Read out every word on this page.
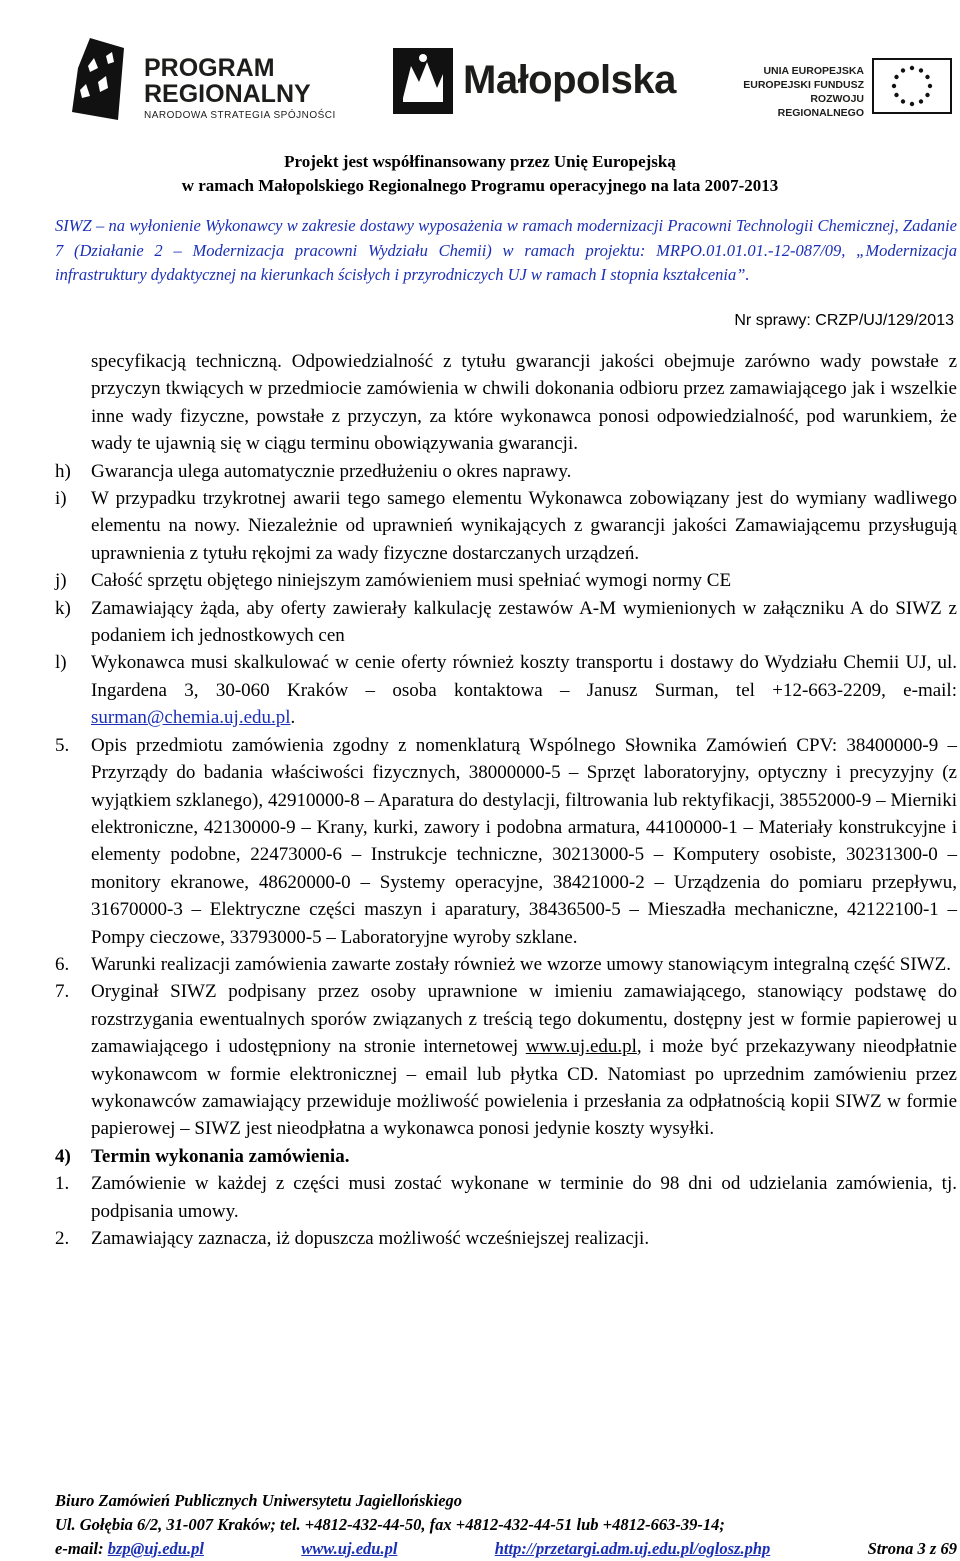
PROGRAM
REGIONALNY
NARODOWA STRATEGIA SPÓJNOŚCI
Małopolska	UNIA EUROPEJSKA
EUROPEJSKI FUNDUSZ
ROZWOJU REGIONALNEGO
Projekt jest współfinansowany przez Unię Europejską
w ramach Małopolskiego Regionalnego Programu operacyjnego na lata 2007-2013
SIWZ – na wyłonienie Wykonawcy w zakresie dostawy wyposażenia w ramach modernizacji Pracowni Technologii Chemicznej, Zadanie 7 (Działanie 2 – Modernizacja pracowni Wydziału Chemii) w ramach projektu: MRPO.01.01.01.-12-087/09, „Modernizacja infrastruktury dydaktycznej na kierunkach ścisłych i przyrodniczych UJ w ramach I stopnia kształcenia”.
Nr sprawy: CRZP/UJ/129/2013

specyfikacją techniczną. Odpowiedzialność z tytułu gwarancji jakości obejmuje zarówno wady powstałe z przyczyn tkwiących w przedmiocie zamówienia w chwili dokonania odbioru przez zamawiającego jak i wszelkie inne wady fizyczne, powstałe z przyczyn, za które wykonawca ponosi odpowiedzialność, pod warunkiem, że wady te ujawnią się w ciągu terminu obowiązywania gwarancji.

h) Gwarancja ulega automatycznie przedłużeniu o okres naprawy.
i) W przypadku trzykrotnej awarii tego samego elementu Wykonawca zobowiązany jest do wymiany wadliwego elementu na nowy. Niezależnie od uprawnień wynikających z gwarancji jakości Zamawiającemu przysługują uprawnienia z tytułu rękojmi za wady fizyczne dostarczanych urządzeń.
j) Całość sprzętu objętego niniejszym zamówieniem musi spełniać wymogi normy CE
k) Zamawiający żąda, aby oferty zawierały kalkulację zestawów A-M wymienionych w załączniku A do SIWZ z podaniem ich jednostkowych cen
l) Wykonawca musi skalkulować w cenie oferty również koszty transportu i dostawy do Wydziału Chemii UJ, ul. Ingardena 3, 30-060 Kraków – osoba kontaktowa – Janusz Surman, tel +12-663-2209, e-mail: surman@chemia.uj.edu.pl.
5. Opis przedmiotu zamówienia zgodny z nomenklaturą Wspólnego Słownika Zamówień CPV: 38400000-9 – Przyrządy do badania właściwości fizycznych, 38000000-5 – Sprzęt laboratoryjny, optyczny i precyzyjny (z wyjątkiem szklanego), 42910000-8 – Aparatura do destylacji, filtrowania lub rektyfikacji, 38552000-9 – Mierniki elektroniczne, 42130000-9 – Krany, kurki, zawory i podobna armatura, 44100000-1 – Materiały konstrukcyjne i elementy podobne, 22473000-6 – Instrukcje techniczne, 30213000-5 – Komputery osobiste, 30231300-0 – monitory ekranowe, 48620000-0 – Systemy operacyjne, 38421000-2 – Urządzenia do pomiaru przepływu, 31670000-3 – Elektryczne części maszyn i aparatury, 38436500-5 – Mieszadła mechaniczne, 42122100-1 – Pompy cieczowe, 33793000-5 – Laboratoryjne wyroby szklane.
6. Warunki realizacji zamówienia zawarte zostały również we wzorze umowy stanowiącym integralną część SIWZ.
7. Oryginał SIWZ podpisany przez osoby uprawnione w imieniu zamawiającego, stanowiący podstawę do rozstrzygania ewentualnych sporów związanych z treścią tego dokumentu, dostępny jest w formie papierowej u zamawiającego i udostępniony na stronie internetowej www.uj.edu.pl, i może być przekazywany nieodpłatnie wykonawcom w formie elektronicznej – email lub płytka CD. Natomiast po uprzednim zamówieniu przez wykonawców zamawiający przewiduje możliwość powielenia i przesłania za odpłatnością kopii SIWZ w formie papierowej – SIWZ jest nieodpłatna a wykonawca ponosi jedynie koszty wysyłki.
4) Termin wykonania zamówienia.
1. Zamówienie w każdej z części musi zostać wykonane w terminie do 98 dni od udzielania zamówienia, tj. podpisania umowy.
2. Zamawiający zaznacza, iż dopuszcza możliwość wcześniejszej realizacji.
Biuro Zamówień Publicznych Uniwersytetu Jagiellońskiego
Ul. Gołębia 6/2, 31-007 Kraków; tel. +4812-432-44-50, fax +4812-432-44-51 lub +4812-663-39-14;
e-mail: bzp@uj.edu.pl	www.uj.edu.pl	http://przetargi.adm.uj.edu.pl/oglosz.php	Strona 3 z 69
